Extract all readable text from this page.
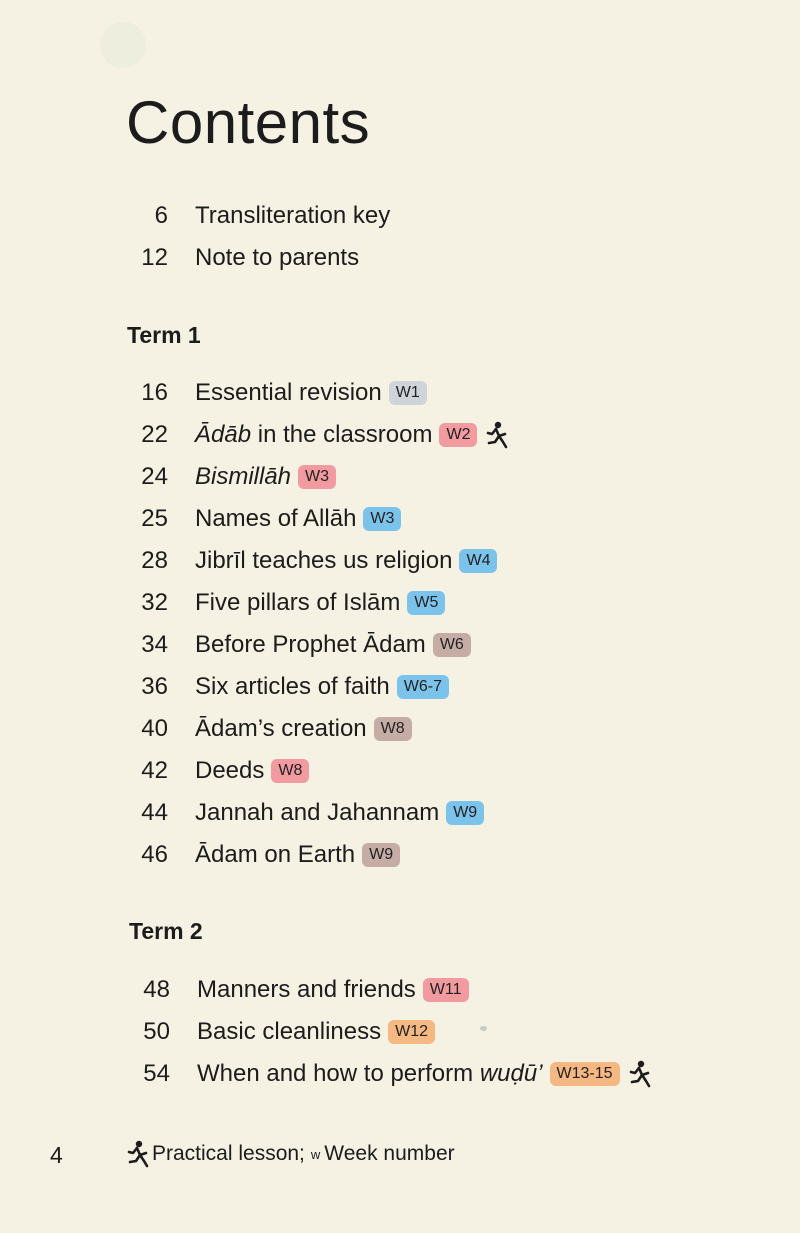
Contents
6 Transliteration key
12 Note to parents
Term 1
16 Essential revision W1
22 Ādāb in the classroom W2
24 Bismillāh W3
25 Names of Allāh W3
28 Jibrīl teaches us religion W4
32 Five pillars of Islām W5
34 Before Prophet Ādam W6
36 Six articles of faith W6-7
40 Ādam’s creation W8
42 Deeds W8
44 Jannah and Jahannam W9
46 Ādam on Earth W9
Term 2
48 Manners and friends W11
50 Basic cleanliness W12
54 When and how to perform wuḍū’ W13-15
4	Practical lesson; w Week number
